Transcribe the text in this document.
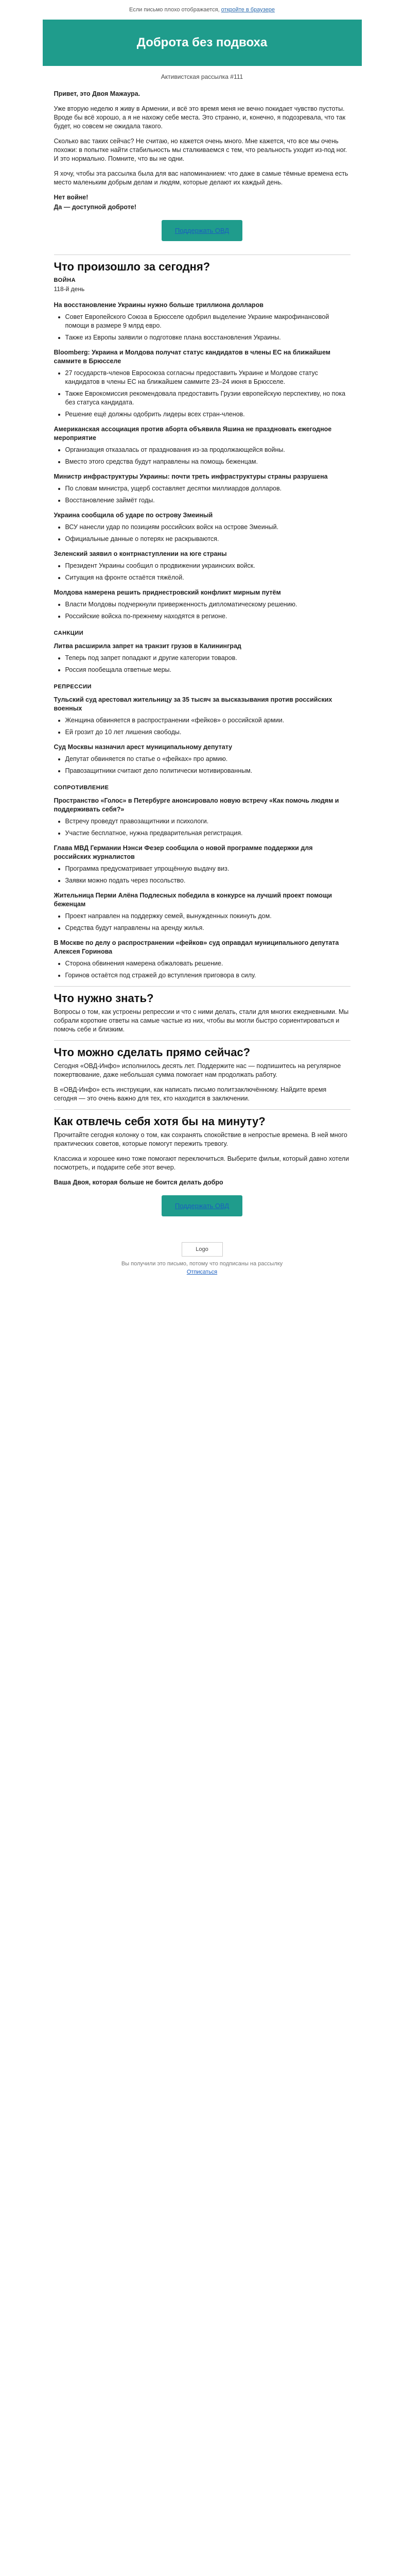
Если письмо плохо отображается, откройте в браузере
Доброта без подвоха
Активистская рассылка #111

Привет, это Двоя Мажаура.

Уже вторую неделю я живу в Армении, и всё это время меня не вечно покидает чувство пустоты. Вроде бы всё хорошо, а я не нахожу себе места. Это странно, и, конечно, я подозревала, что так будет, но совсем не ожидала такого.

Сколько вас таких сейчас? Не считаю, но кажется очень много. Мне кажется, что все мы очень похожи: в попытке найти стабильность мы сталкиваемся с тем, что реальность уходит из-под ног. И это нормально. Помните, что вы не одни.

Я хочу, чтобы эта рассылка была для вас напоминанием: что даже в самые тёмные времена есть место маленьким добрым делам и людям, которые делают их каждый день.

Нет войне!

Да — доступной доброте!

Поддержать ОВД
Что произошло за сегодня?
ВОЙНА
118-й день
На восстановление Украины нужно больше триллиона долларов
• Совет Европейского Союза в Брюсселе одобрил выделение Украине макрофинансовой помощи в размере 9 млрд евро.
• Также из Европы заявили о подготовке плана восстановления Украины.
Bloomberg: Украина и Молдова получат статус кандидатов в члены ЕС на ближайшем саммите в Брюсселе
• 27 государств-членов Евросоюза согласны предоставить Украине и Молдове статус кандидатов в члены ЕС на ближайшем саммите 23–24 июня в Брюсселе.
• Также Еврокомиссия рекомендовала предоставить Грузии европейскую перспективу, но пока без статуса кандидата.
• Решение ещё должны одобрить лидеры всех стран-членов.
Американская ассоциация против аборта объявила Яшина не праздновать ежегодное мероприятие
• Организация отказалась от празднования из-за продолжающейся войны.
• Вместо этого средства будут направлены на помощь беженцам.
Министр инфраструктуры Украины: почти треть инфраструктуры страны разрушена
• По словам министра, ущерб составляет десятки миллиардов долларов.
• Восстановление займёт годы.
Украина сообщила об ударе по острову Змеиный
• ВСУ нанесли удар по позициям российских войск на острове Змеиный.
• Официальные данные о потерях не раскрываются.
Зеленский заявил о контрнаступлении на юге страны
• Президент Украины сообщил о продвижении украинских войск.
• Ситуация на фронте остаётся тяжёлой.
Молдова намерена решить приднестровский конфликт мирным путём
• Власти Молдовы подчеркнули приверженность дипломатическому решению.
• Российские войска по-прежнему находятся в регионе.
САНКЦИИ
Литва расширила запрет на транзит грузов в Калининград
• Теперь под запрет попадают и другие категории товаров.
• Россия пообещала ответные меры.
РЕПРЕССИИ
Тульский суд арестовал жительницу за 35 тысяч за высказывания против российских военных
• Женщина обвиняется в распространении «фейков» о российской армии.
• Ей грозит до 10 лет лишения свободы.
Суд Москвы назначил арест муниципальному депутату
• Депутат обвиняется по статье о «фейках» про армию.
• Правозащитники считают дело политически мотивированным.
СОПРОТИВЛЕНИЕ
Пространство «Голос» в Петербурге анонсировало новую встречу «Как помочь людям и поддерживать себя?»
• Встречу проведут правозащитники и психологи.
• Участие бесплатное, нужна предварительная регистрация.
Глава МВД Германии Нэнси Фезер сообщила о новой программе поддержки для российских журналистов
• Программа предусматривает упрощённую выдачу виз.
• Заявки можно подать через посольство.
Жительница Перми Алёна Подлесных победила в конкурсе на лучший проект помощи беженцам
• Проект направлен на поддержку семей, вынужденных покинуть дом.
• Средства будут направлены на аренду жилья.
В Москве по делу о распространении «фейков» суд оправдал муниципального депутата Алексея Горинова
• Сторона обвинения намерена обжаловать решение.
• Горинов остаётся под стражей до вступления приговора в силу.
Что нужно знать?

Вопросы о том, как устроены репрессии и что с ними делать, стали для многих ежедневными. Мы собрали короткие ответы на самые частые из них, чтобы вы могли быстро сориентироваться и помочь себе и близким.

Что можно сделать прямо сейчас?

Сегодня «ОВД-Инфо» исполнилось десять лет. Поддержите нас — подпишитесь на регулярное пожертвование, даже небольшая сумма помогает нам продолжать работу.

В «ОВД-Инфо» есть инструкции, как написать письмо политзаключённому. Найдите время сегодня — это очень важно для тех, кто находится в заключении.

Как отвлечь себя хотя бы на минуту?

Прочитайте сегодня колонку о том, как сохранять спокойствие в непростые времена. В ней много практических советов, которые помогут пережить тревогу.

Классика и хорошее кино тоже помогают переключиться. Выберите фильм, который давно хотели посмотреть, и подарите себе этот вечер.

Ваша Двоя, которая больше не боится делать добро

Поддержать ОВД
Logo
Вы получили это письмо, потому что подписаны на рассылку
Отписаться
